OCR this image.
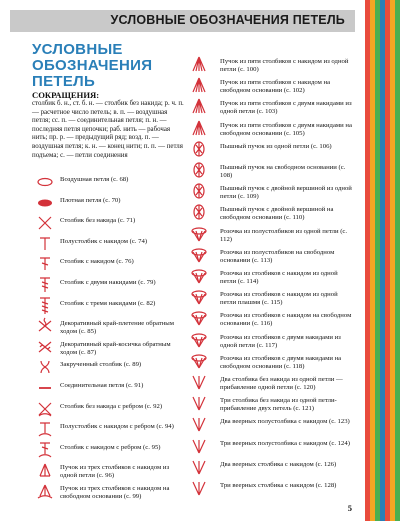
УСЛОВНЫЕ ОБОЗНАЧЕНИЯ ПЕТЕЛЬ
УСЛОВНЫЕ ОБОЗНАЧЕНИЯ ПЕТЕЛЬ
СОКРАЩЕНИЯ:
столбик б. н., ст. б. н. — столбик без накида; р. ч. п. — расчетное число петель; в. п. — воздушная петля; сс. п. — соединительная петля; п. н. — последняя петля цепочки; раб. нить — рабочая нить; пр. р. — предыдущий ряд; возд. п. — воздушная петля; к. н. — конец нити; п. п. — петля подъема; с. — петли соединения
Воздушная петля (с. 68)
Плотная петля (с. 70)
Столбик без накида (с. 71)
Полустолбик с накидом (с. 74)
Столбик с накидом (с. 76)
Столбик с двумя накидами (с. 79)
Столбик с тремя накидами (с. 82)
Декоративный край-плетение обратным ходом (с. 85)
Декоративный край-косичка обратным ходом (с. 87)
Закрученный столбик (с. 89)
Соединительная петля (с. 91)
Столбик без накида с ребром (с. 92)
Полустолбик с накидом с ребром (с. 94)
Столбик с накидом с ребром (с. 95)
Пучок из трех столбиков с накидом из одной петли (с. 96)
Пучок из трех столбиков с накидом на свободном основании (с. 99)
Пучок из пяти столбиков с накидом из одной петли (с. 100)
Пучок из пяти столбиков с накидом на свободном основании (с. 102)
Пучок из пяти столбиков с двумя накидами из одной петли (с. 103)
Пучок из пяти столбиков с двумя накидами на свободном основании (с. 105)
Пышный пучок из одной петли (с. 106)
Пышный пучок на свободном основании (с. 108)
Пышный пучок с двойной вершиной из одной петли (с. 109)
Пышный пучок с двойной вершиной на свободном основании (с. 110)
Розочка из полустолбиков из одной петли (с. 112)
Розочка из полустолбиков на свободном основании (с. 113)
Розочка из столбиков с накидом из одной петли (с. 114)
Розочка из столбиков с накидом из одной петли плашмя (с. 115)
Розочка из столбиков с накидом на свободном основании (с. 116)
Розочка из столбиков с двумя накидами из одной петли (с. 117)
Розочка из столбиков с двумя накидами на свободном основании (с. 118)
Два столбика без накида из одной петли — прибавление одной петли (с. 120)
Три столбика без накида из одной петли-прибавление двух петель (с. 121)
Два веерных полустолбика с накидом (с. 123)
Три веерных полустолбика с накидом (с. 124)
Два веерных столбика с накидом (с. 126)
Три веерных столбика с накидом (с. 128)
5
